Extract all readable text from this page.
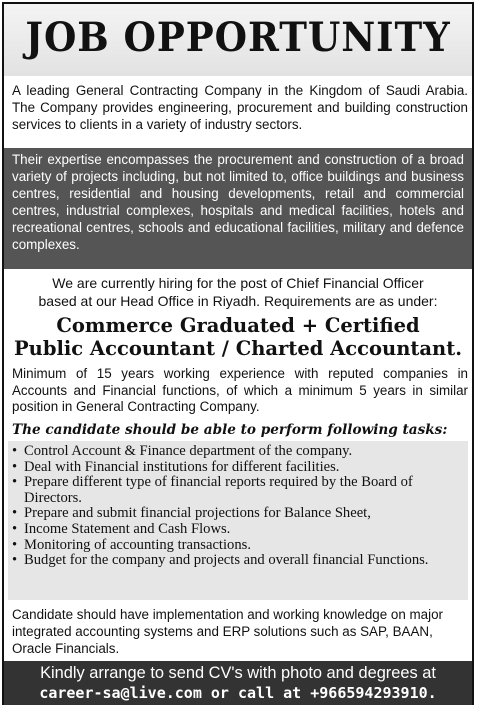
JOB OPPORTUNITY
A leading General Contracting Company in the Kingdom of Saudi Arabia. The Company provides engineering, procurement and building construction services to clients in a variety of industry sectors.

Their expertise encompasses the procurement and construction of a broad variety of projects including, but not limited to, office buildings and business centres, residential and housing developments, retail and commercial centres, industrial complexes, hospitals and medical facilities, hotels and recreational centres, schools and educational facilities, military and defence complexes.

We are currently hiring for the post of Chief Financial Officer
based at our Head Office in Riyadh. Requirements are as under:
Commerce Graduated + Certified
Public Accountant / Charted Accountant.
Minimum of 15 years working experience with reputed companies in Accounts and Financial functions, of which a minimum 5 years in similar position in General Contracting Company.
The candidate should be able to perform following tasks:
• Control Account & Finance department of the company.
• Deal with Financial institutions for different facilities.
• Prepare different type of financial reports required by the Board of Directors.
• Prepare and submit financial projections for Balance Sheet,
• Income Statement and Cash Flows.
• Monitoring of accounting transactions.
• Budget for the company and projects and overall financial Functions.
Candidate should have implementation and working knowledge on major integrated accounting systems and ERP solutions such as SAP, BAAN, Oracle Financials.
Kindly arrange to send CV's with photo and degrees at
career-sa@live.com or call at +966594293910.
